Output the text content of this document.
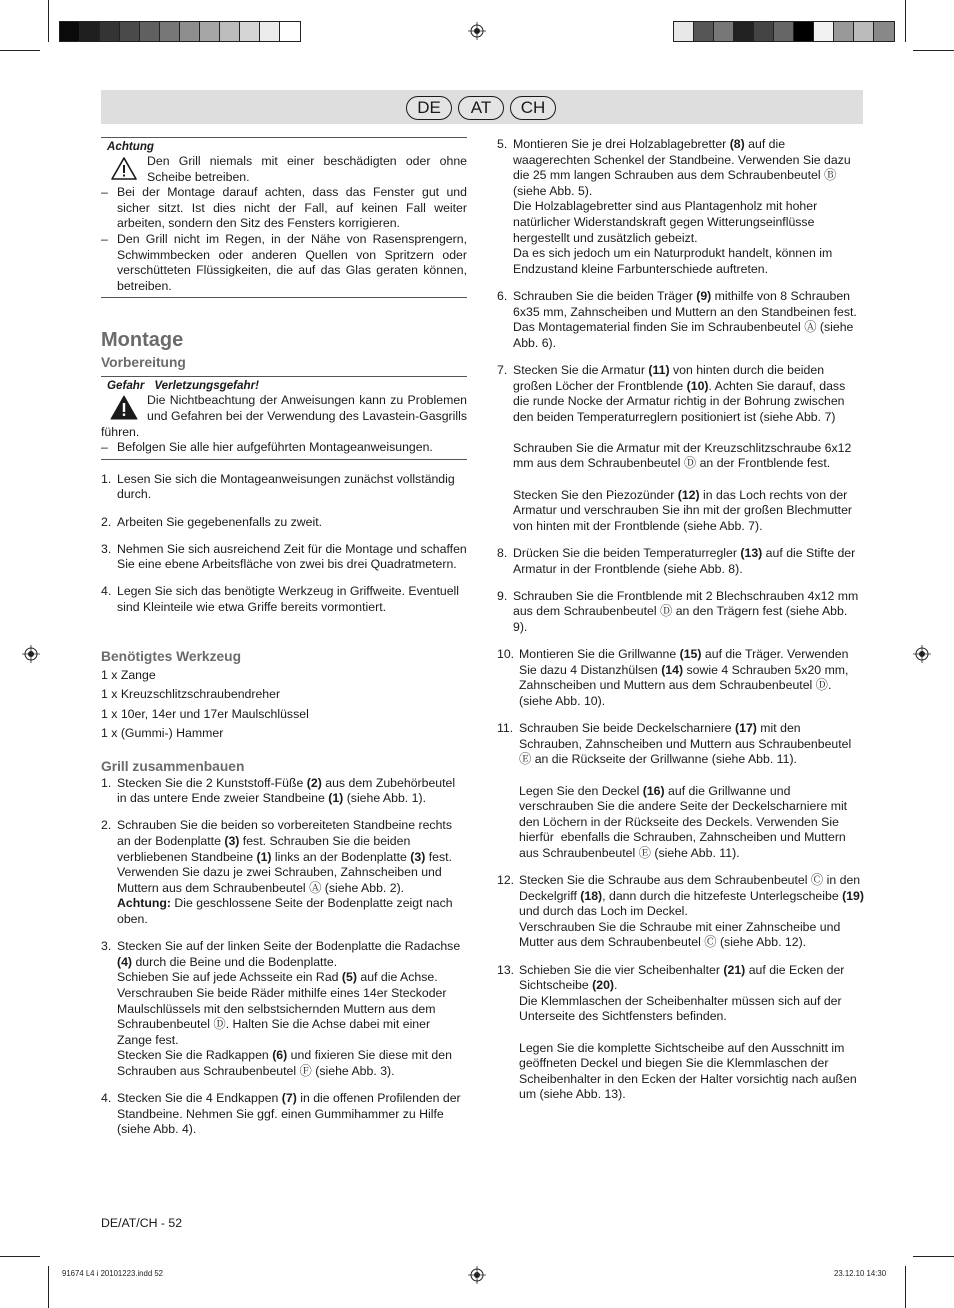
DE	AT	CH
Achtung
Den Grill niemals mit einer beschädigten oder ohne Scheibe betreiben.
– Bei der Montage darauf achten, dass das Fenster gut und sicher sitzt. Ist dies nicht der Fall, auf keinen Fall weiter arbeiten, sondern den Sitz des Fensters korrigieren.
– Den Grill nicht im Regen, in der Nähe von Rasensprengern, Schwimmbecken oder anderen Quellen von Spritzern oder verschütteten Flüssigkeiten, die auf das Glas geraten können, betreiben.
Montage
Vorbereitung
Gefahr Verletzungsgefahr!
Die Nichtbeachtung der Anweisungen kann zu Problemen und Gefahren bei der Verwendung des Lavastein-Gasgrills führen.
– Befolgen Sie alle hier aufgeführten Montageanweisungen.
1. Lesen Sie sich die Montageanweisungen zunächst vollständig durch.
2. Arbeiten Sie gegebenenfalls zu zweit.
3. Nehmen Sie sich ausreichend Zeit für die Montage und schaffen Sie eine ebene Arbeitsfläche von zwei bis drei Quadratmetern.
4. Legen Sie sich das benötigte Werkzeug in Griffweite. Eventuell sind Kleinteile wie etwa Griffe bereits vormontiert.
Benötigtes Werkzeug
1 x Zange
1 x Kreuzschlitzschraubendreher
1 x 10er, 14er und 17er Maulschlüssel
1 x (Gummi-) Hammer
Grill zusammenbauen
1. Stecken Sie die 2 Kunststoff-Füße (2) aus dem Zubehörbeutel in das untere Ende zweier Standbeine (1) (siehe Abb. 1).
2. Schrauben Sie die beiden so vorbereiteten Standbeine rechts an der Bodenplatte (3) fest. Schrauben Sie die beiden verbliebenen Standbeine (1) links an der Bodenplatte (3) fest. Verwenden Sie dazu je zwei Schrauben, Zahnscheiben und Muttern aus dem Schraubenbeutel Ⓐ (siehe Abb. 2).
Achtung: Die geschlossene Seite der Bodenplatte zeigt nach oben.
3. Stecken Sie auf der linken Seite der Bodenplatte die Radachse (4) durch die Beine und die Bodenplatte.
Schieben Sie auf jede Achsseite ein Rad (5) auf die Achse. Verschrauben Sie beide Räder mithilfe eines 14er Steckoder Maulschlüssels mit den selbstsichernden Muttern aus dem Schraubenbeutel Ⓓ. Halten Sie die Achse dabei mit einer Zange fest.
Stecken Sie die Radkappen (6) und fixieren Sie diese mit den Schrauben aus Schraubenbeutel Ⓕ (siehe Abb. 3).
4. Stecken Sie die 4 Endkappen (7) in die offenen Profilenden der Standbeine. Nehmen Sie ggf. einen Gummihammer zu Hilfe (siehe Abb. 4).
5. Montieren Sie je drei Holzablagebretter (8) auf die waagerechten Schenkel der Standbeine. Verwenden Sie dazu die 25 mm langen Schrauben aus dem Schraubenbeutel Ⓑ (siehe Abb. 5).
Die Holzablagebretter sind aus Plantagenholz mit hoher natürlicher Widerstandskraft gegen Witterungseinflüsse hergestellt und zusätzlich gebeizt.
Da es sich jedoch um ein Naturprodukt handelt, können im Endzustand kleine Farbunterschiede auftreten.
6. Schrauben Sie die beiden Träger (9) mithilfe von 8 Schrauben 6x35 mm, Zahnscheiben und Muttern an den Standbeinen fest. Das Montagematerial finden Sie im Schraubenbeutel Ⓐ (siehe Abb. 6).
7. Stecken Sie die Armatur (11) von hinten durch die beiden großen Löcher der Frontblende (10). Achten Sie darauf, dass die runde Nocke der Armatur richtig in der Bohrung zwischen den beiden Temperaturreglern positioniert ist (siehe Abb. 7)

Schrauben Sie die Armatur mit der Kreuzschlitzschraube 6x12 mm aus dem Schraubenbeutel Ⓓ an der Frontblende fest.

Stecken Sie den Piezozünder (12) in das Loch rechts von der Armatur und verschrauben Sie ihn mit der großen Blechmutter von hinten mit der Frontblende (siehe Abb. 7).
8. Drücken Sie die beiden Temperaturregler (13) auf die Stifte der Armatur in der Frontblende (siehe Abb. 8).
9. Schrauben Sie die Frontblende mit 2 Blechschrauben 4x12 mm aus dem Schraubenbeutel Ⓓ an den Trägern fest (siehe Abb. 9).
10. Montieren Sie die Grillwanne (15) auf die Träger. Verwenden Sie dazu 4 Distanzhülsen (14) sowie 4 Schrauben 5x20 mm, Zahnscheiben und Muttern aus dem Schraubenbeutel Ⓓ. (siehe Abb. 10).
11. Schrauben Sie beide Deckelscharniere (17) mit den Schrauben, Zahnscheiben und Muttern aus Schraubenbeutel Ⓔ an die Rückseite der Grillwanne (siehe Abb. 11).

Legen Sie den Deckel (16) auf die Grillwanne und verschrauben Sie die andere Seite der Deckelscharniere mit den Löchern in der Rückseite des Deckels. Verwenden Sie hierfür  ebenfalls die Schrauben, Zahnscheiben und Muttern aus Schraubenbeutel Ⓔ (siehe Abb. 11).
12. Stecken Sie die Schraube aus dem Schraubenbeutel Ⓒ in den Deckelgriff (18), dann durch die hitzefeste Unterlegscheibe (19) und durch das Loch im Deckel.
Verschrauben Sie die Schraube mit einer Zahnscheibe und Mutter aus dem Schraubenbeutel Ⓒ (siehe Abb. 12).
13. Schieben Sie die vier Scheibenhalter (21) auf die Ecken der Sichtscheibe (20).
Die Klemmlaschen der Scheibenhalter müssen sich auf der Unterseite des Sichtfensters befinden.

Legen Sie die komplette Sichtscheibe auf den Ausschnitt im geöffneten Deckel und biegen Sie die Klemmlaschen der Scheibenhalter in den Ecken der Halter vorsichtig nach außen um (siehe Abb. 13).
DE/AT/CH - 52
91674 L4 i 20101223.indd 52	23.12.10 14:30
